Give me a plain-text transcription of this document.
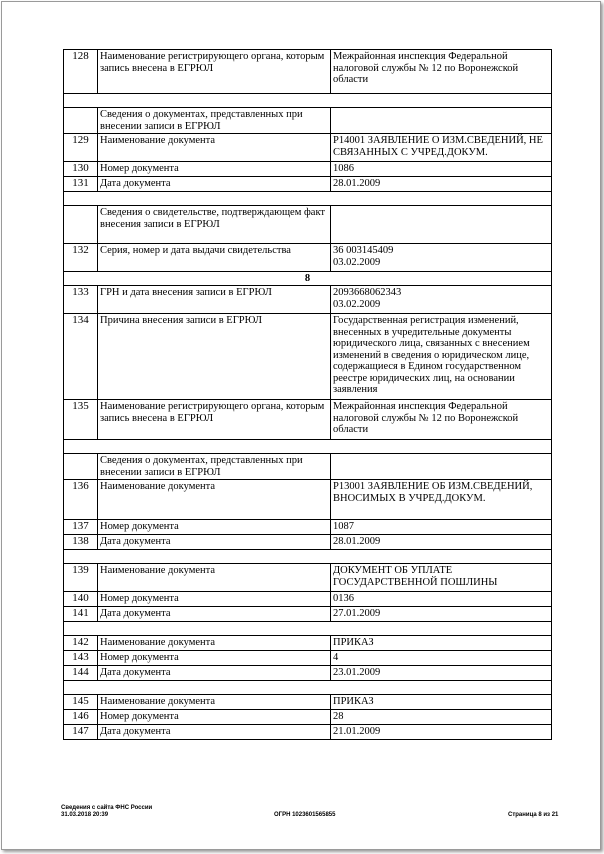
128	Наименование регистрирующего органа, которым запись внесена в ЕГРЮЛ	Межрайонная инспекция Федеральной налоговой службы № 12 по Воронежской области

	Сведения о документах, представленных при внесении записи в ЕГРЮЛ	
129	Наименование документа	Р14001 ЗАЯВЛЕНИЕ О ИЗМ.СВЕДЕНИЙ, НЕ СВЯЗАННЫХ С УЧРЕД.ДОКУМ.
130	Номер документа	1086
131	Дата документа	28.01.2009

	Сведения о свидетельстве, подтверждающем факт внесения записи в ЕГРЮЛ	
132	Серия, номер и дата выдачи свидетельства	36 003145409
03.02.2009
8		
133	ГРН и дата внесения записи в ЕГРЮЛ	2093668062343
03.02.2009
134	Причина внесения записи в ЕГРЮЛ	Государственная регистрация изменений, внесенных в учредительные документы юридического лица, связанных с внесением изменений в сведения о юридическом лице, содержащиеся в Едином государственном реестре юридических лиц, на основании заявления
135	Наименование регистрирующего органа, которым запись внесена в ЕГРЮЛ	Межрайонная инспекция Федеральной налоговой службы № 12 по Воронежской области

	Сведения о документах, представленных при внесении записи в ЕГРЮЛ	
136	Наименование документа	Р13001 ЗАЯВЛЕНИЕ ОБ ИЗМ.СВЕДЕНИЙ, ВНОСИМЫХ В УЧРЕД.ДОКУМ.
137	Номер документа	1087
138	Дата документа	28.01.2009

139	Наименование документа	ДОКУМЕНТ ОБ УПЛАТЕ ГОСУДАРСТВЕННОЙ ПОШЛИНЫ
140	Номер документа	0136
141	Дата документа	27.01.2009

142	Наименование документа	ПРИКАЗ
143	Номер документа	4
144	Дата документа	23.01.2009

145	Наименование документа	ПРИКАЗ
146	Номер документа	28
147	Дата документа	21.01.2009
Сведения с сайта ФНС России
31.03.2018 20:39	ОГРН 1023601565855	Страница 8 из 21
